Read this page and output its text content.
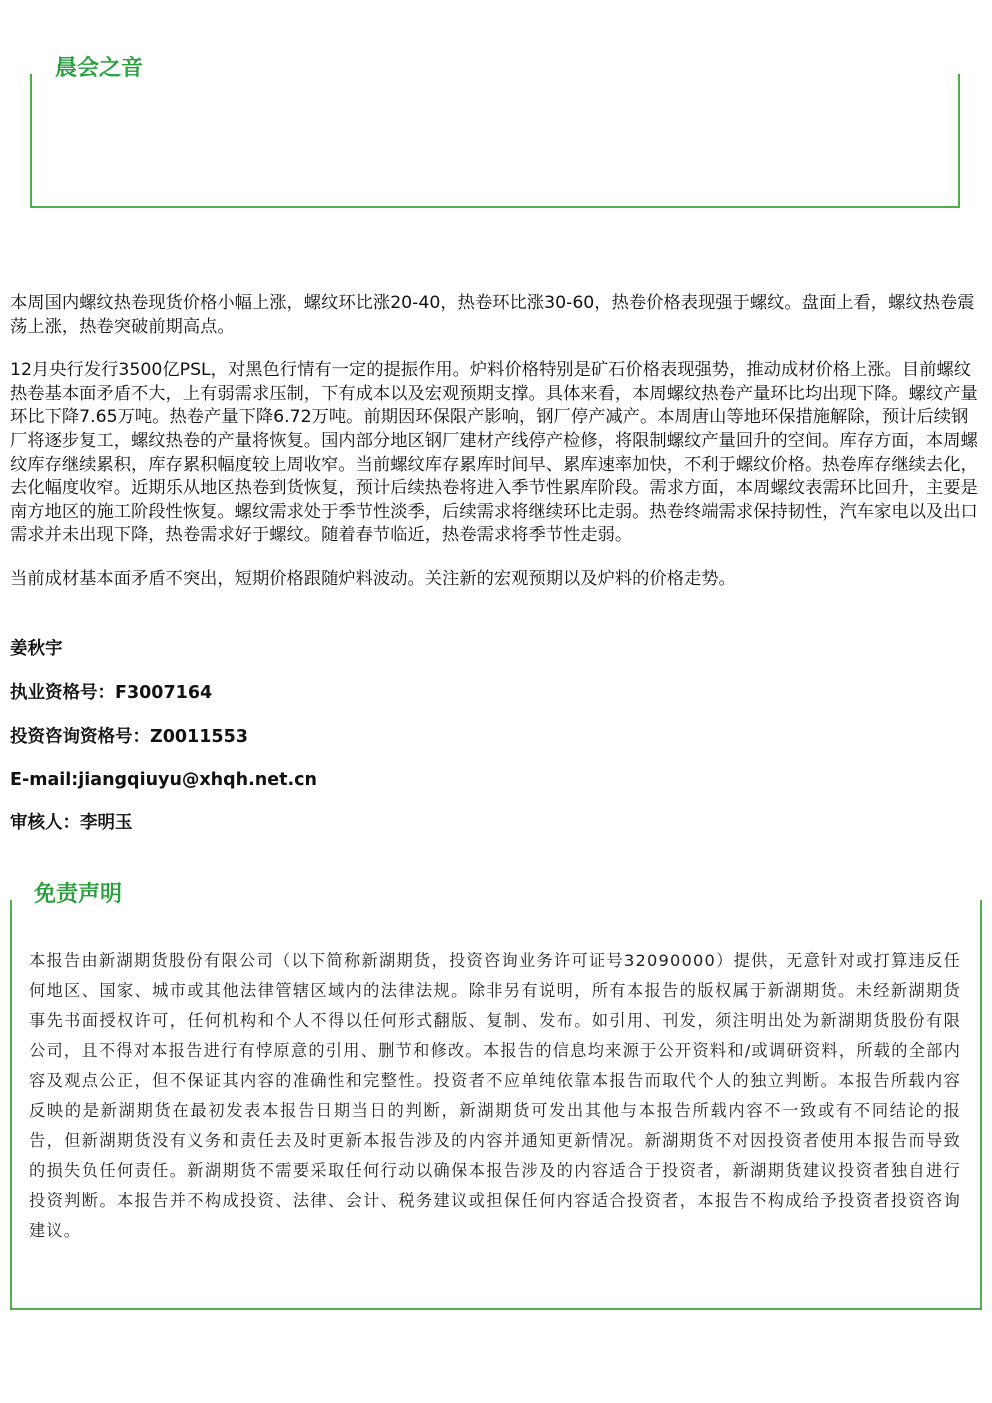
晨会之音

本周国内螺纹热卷现货价格小幅上涨，螺纹环比涨20-40，热卷环比涨30-60，热卷价格表现强于螺纹。盘面上看，螺纹热卷震荡上涨，热卷突破前期高点。

12月央行发行3500亿PSL，对黑色行情有一定的提振作用。炉料价格特别是矿石价格表现强势，推动成材价格上涨。目前螺纹热卷基本面矛盾不大，上有弱需求压制，下有成本以及宏观预期支撑。具体来看，本周螺纹热卷产量环比均出现下降。螺纹产量环比下降7.65万吨。热卷产量下降6.72万吨。前期因环保限产影响，钢厂停产减产。本周唐山等地环保措施解除，预计后续钢厂将逐步复工，螺纹热卷的产量将恢复。国内部分地区钢厂建材产线停产检修，将限制螺纹产量回升的空间。库存方面，本周螺纹库存继续累积，库存累积幅度较上周收窄。当前螺纹库存累库时间早、累库速率加快，不利于螺纹价格。热卷库存继续去化，去化幅度收窄。近期乐从地区热卷到货恢复，预计后续热卷将进入季节性累库阶段。需求方面，本周螺纹表需环比回升，主要是南方地区的施工阶段性恢复。螺纹需求处于季节性淡季，后续需求将继续环比走弱。热卷终端需求保持韧性，汽车家电以及出口需求并未出现下降，热卷需求好于螺纹。随着春节临近，热卷需求将季节性走弱。

当前成材基本面矛盾不突出，短期价格跟随炉料波动。关注新的宏观预期以及炉料的价格走势。

姜秋宇
执业资格号：F3007164
投资咨询资格号：Z0011553
E-mail:jiangqiuyu@xhqh.net.cn
审核人：李明玉
免责声明
本报告由新湖期货股份有限公司（以下简称新湖期货，投资咨询业务许可证号32090000）提供，无意针对或打算违反任何地区、国家、城市或其他法律管辖区域内的法律法规。除非另有说明，所有本报告的版权属于新湖期货。未经新湖期货事先书面授权许可，任何机构和个人不得以任何形式翻版、复制、发布。如引用、刊发，须注明出处为新湖期货股份有限公司，且不得对本报告进行有悖原意的引用、删节和修改。本报告的信息均来源于公开资料和/或调研资料，所载的全部内容及观点公正，但不保证其内容的准确性和完整性。投资者不应单纯依靠本报告而取代个人的独立判断。本报告所载内容反映的是新湖期货在最初发表本报告日期当日的判断，新湖期货可发出其他与本报告所载内容不一致或有不同结论的报告，但新湖期货没有义务和责任去及时更新本报告涉及的内容并通知更新情况。新湖期货不对因投资者使用本报告而导致的损失负任何责任。新湖期货不需要采取任何行动以确保本报告涉及的内容适合于投资者，新湖期货建议投资者独自进行投资判断。本报告并不构成投资、法律、会计、税务建议或担保任何内容适合投资者，本报告不构成给予投资者投资咨询建议。
